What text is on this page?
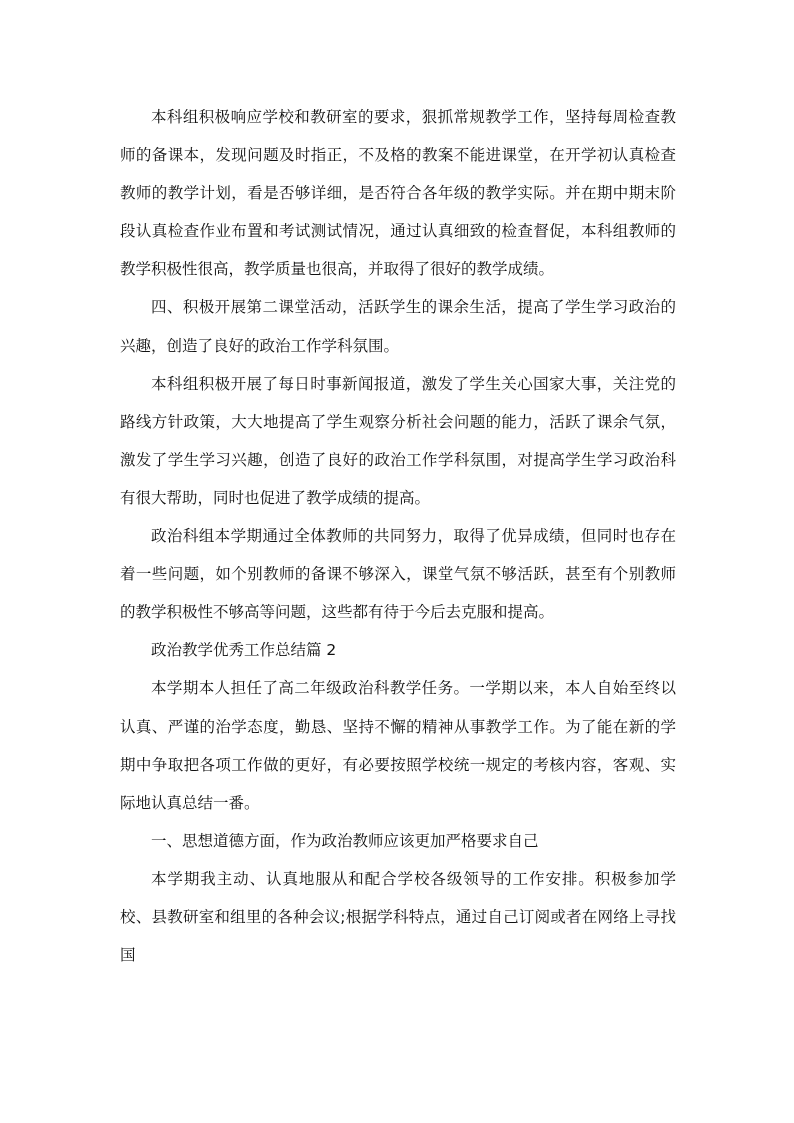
本科组积极响应学校和教研室的要求，狠抓常规教学工作，坚持每周检查教师的备课本，发现问题及时指正，不及格的教案不能进课堂，在开学初认真检查教师的教学计划，看是否够详细，是否符合各年级的教学实际。并在期中期末阶段认真检查作业布置和考试测试情况，通过认真细致的检查督促，本科组教师的教学积极性很高，教学质量也很高，并取得了很好的教学成绩。

四、积极开展第二课堂活动，活跃学生的课余生活，提高了学生学习政治的兴趣，创造了良好的政治工作学科氛围。

本科组积极开展了每日时事新闻报道，激发了学生关心国家大事，关注党的路线方针政策，大大地提高了学生观察分析社会问题的能力，活跃了课余气氛，激发了学生学习兴趣，创造了良好的政治工作学科氛围，对提高学生学习政治科有很大帮助，同时也促进了教学成绩的提高。

政治科组本学期通过全体教师的共同努力，取得了优异成绩，但同时也存在着一些问题，如个别教师的备课不够深入，课堂气氛不够活跃，甚至有个别教师的教学积极性不够高等问题，这些都有待于今后去克服和提高。

政治教学优秀工作总结篇 2

本学期本人担任了高二年级政治科教学任务。一学期以来，本人自始至终以认真、严谨的治学态度，勤恳、坚持不懈的精神从事教学工作。为了能在新的学期中争取把各项工作做的更好，有必要按照学校统一规定的考核内容，客观、实际地认真总结一番。

一、思想道德方面，作为政治教师应该更加严格要求自己

本学期我主动、认真地服从和配合学校各级领导的工作安排。积极参加学校、县教研室和组里的各种会议;根据学科特点，通过自己订阅或者在网络上寻找国
